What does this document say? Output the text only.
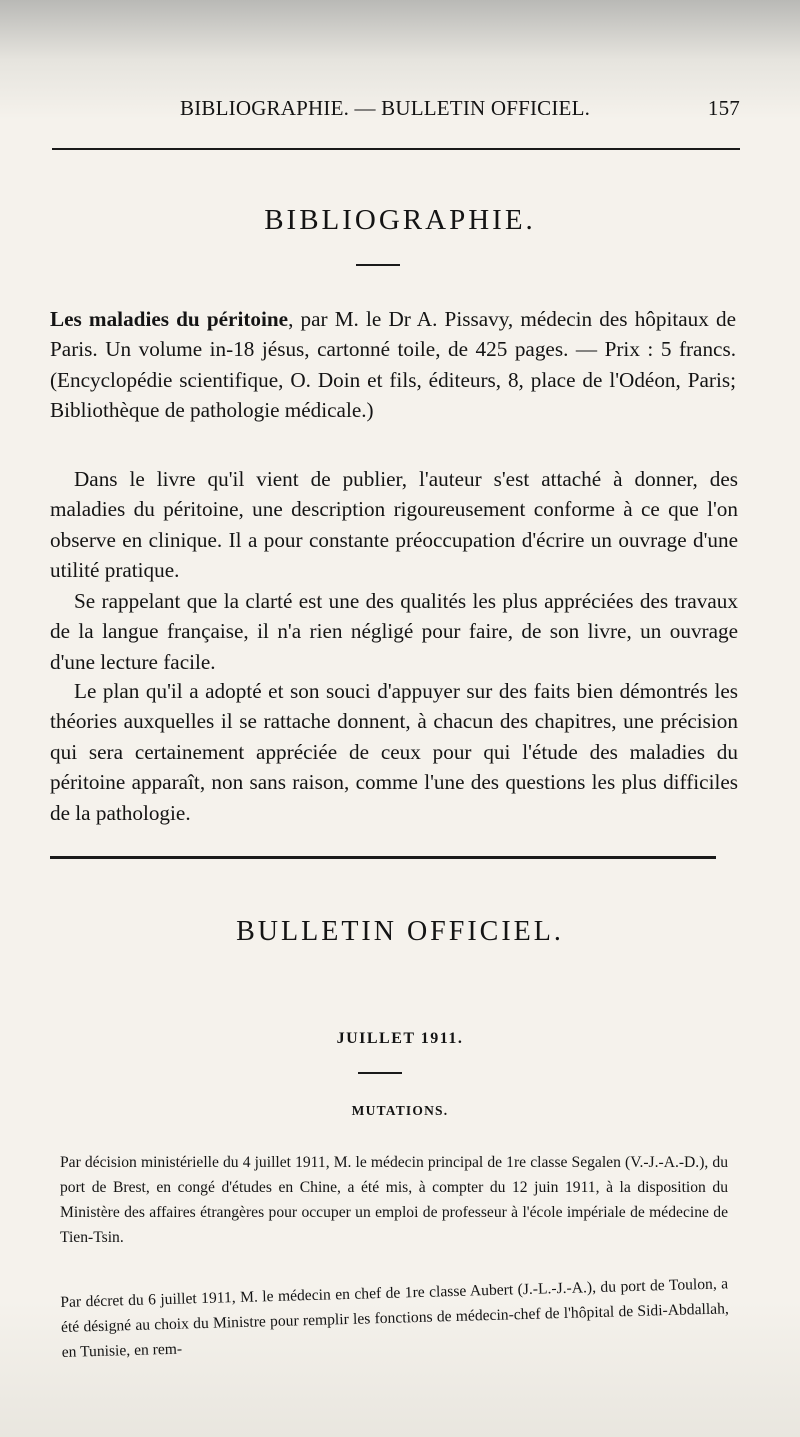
BIBLIOGRAPHIE. — BULLETIN OFFICIEL.	157
BIBLIOGRAPHIE.
Les maladies du péritoine, par M. le Dr A. Pissavy, médecin des hôpitaux de Paris. Un volume in-18 jésus, cartonné toile, de 425 pages. — Prix : 5 francs. (Encyclopédie scientifique, O. Doin et fils, éditeurs, 8, place de l'Odéon, Paris; Bibliothèque de pathologie médicale.)
Dans le livre qu'il vient de publier, l'auteur s'est attaché à donner, des maladies du péritoine, une description rigoureusement conforme à ce que l'on observe en clinique. Il a pour constante préoccupation d'écrire un ouvrage d'une utilité pratique.
Se rappelant que la clarté est une des qualités les plus appréciées des travaux de la langue française, il n'a rien négligé pour faire, de son livre, un ouvrage d'une lecture facile.
Le plan qu'il a adopté et son souci d'appuyer sur des faits bien démontrés les théories auxquelles il se rattache donnent, à chacun des chapitres, une précision qui sera certainement appréciée de ceux pour qui l'étude des maladies du péritoine apparaît, non sans raison, comme l'une des questions les plus difficiles de la pathologie.
BULLETIN OFFICIEL.
JUILLET 1911.
MUTATIONS.
Par décision ministérielle du 4 juillet 1911, M. le médecin principal de 1re classe Segalen (V.-J.-A.-D.), du port de Brest, en congé d'études en Chine, a été mis, à compter du 12 juin 1911, à la disposition du Ministère des affaires étrangères pour occuper un emploi de professeur à l'école impériale de médecine de Tien-Tsin.
Par décret du 6 juillet 1911, M. le médecin en chef de 1re classe Aubert (J.-L.-J.-A.), du port de Toulon, a été désigné au choix du Ministre pour remplir les fonctions de médecin-chef de l'hôpital de Sidi-Abdallah, en Tunisie, en rem-
